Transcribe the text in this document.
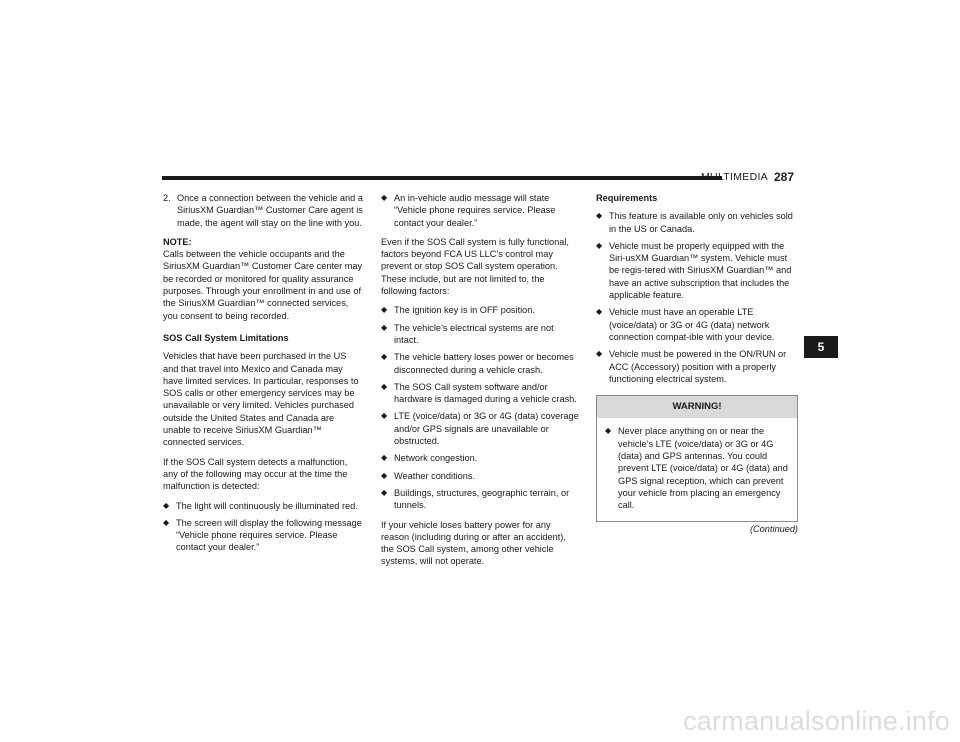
MULTIMEDIA 287
2. Once a connection between the vehicle and a SiriusXM Guardian™ Customer Care agent is made, the agent will stay on the line with you.
NOTE:

Calls between the vehicle occupants and the SiriusXM Guardian™ Customer Care center may be recorded or monitored for quality assurance purposes. Through your enrollment in and use of the SiriusXM Guardian™ connected services, you consent to being recorded.

SOS Call System Limitations

Vehicles that have been purchased in the US and that travel into Mexico and Canada may have limited services. In particular, responses to SOS calls or other emergency services may be unavailable or very limited. Vehicles purchased outside the United States and Canada are unable to receive SiriusXM Guardian™ connected services.

If the SOS Call system detects a malfunction, any of the following may occur at the time the malfunction is detected:

◆ The light will continuously be illuminated red.
◆ The screen will display the following message “Vehicle phone requires service. Please contact your dealer.”
◆ An in-vehicle audio message will state “Vehicle phone requires service. Please contact your dealer.”

Even if the SOS Call system is fully functional, factors beyond FCA US LLC’s control may prevent or stop SOS Call system operation. These include, but are not limited to, the following factors:

◆ The ignition key is in OFF position.
◆ The vehicle’s electrical systems are not intact.
◆ The vehicle battery loses power or becomes disconnected during a vehicle crash.
◆ The SOS Call system software and/or hardware is damaged during a vehicle crash.
◆ LTE (voice/data) or 3G or 4G (data) coverage and/or GPS signals are unavailable or obstructed.
◆ Network congestion.
◆ Weather conditions.
◆ Buildings, structures, geographic terrain, or tunnels.

If your vehicle loses battery power for any reason (including during or after an accident), the SOS Call system, among other vehicle systems, will not operate.

Requirements
◆ This feature is available only on vehicles sold in the US or Canada.
◆ Vehicle must be properly equipped with the Siri-usXM Guardian™ system. Vehicle must be regis-tered with SiriusXM Guardian™ and have an active subscription that includes the applicable feature.
◆ Vehicle must have an operable LTE (voice/data) or 3G or 4G (data) network connection compat-ible with your device.
◆ Vehicle must be powered in the ON/RUN or ACC (Accessory) position with a properly functioning electrical system.
WARNING!
◆ Never place anything on or near the vehicle’s LTE (voice/data) or 3G or 4G (data) and GPS antennas. You could prevent LTE (voice/data) or 4G (data) and GPS signal reception, which can prevent your vehicle from placing an emergency call.
(Continued)
5
carmanualsonline.info
